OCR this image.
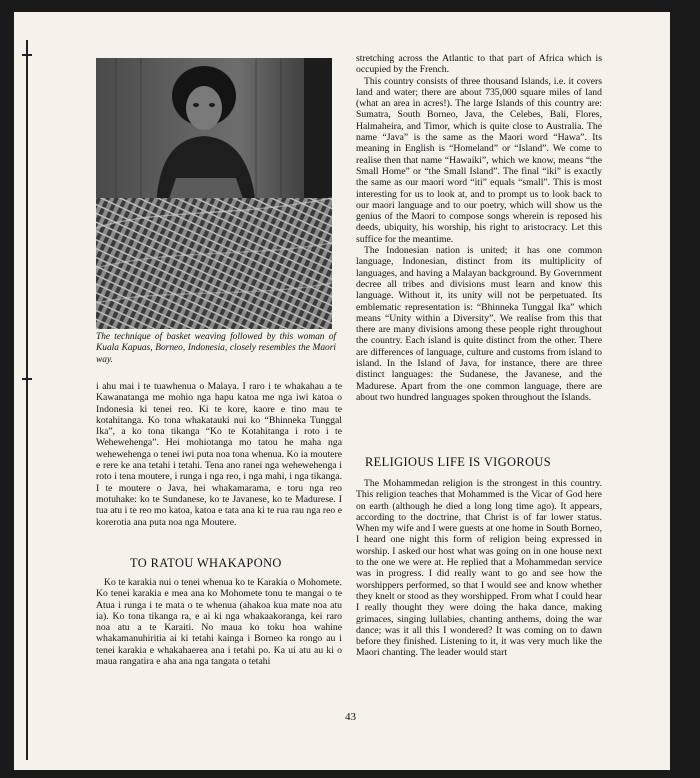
The technique of basket weaving followed by this woman of Kuala Kapuas, Borneo, Indonesia, closely resembles the Maori way.

i ahu mai i te tuawhenua o Malaya. I raro i te whakahau a te Kawanatanga me mohio nga hapu katoa me nga iwi katoa o Indonesia ki tenei reo. Ki te kore, kaore e tino mau te kotahitanga. Ko tona whakatauki nui ko “Bhinneka Tunggal Ika”, a ko tona tikanga “Ko te Kotahitanga i roto i te Wehewehenga”. Hei mohiotanga mo tatou he maha nga wehewehenga o tenei iwi puta noa tona whenua. Ko ia moutere e rere ke ana tetahi i tetahi. Tena ano ranei nga wehewehenga i roto i tena moutere, i runga i nga reo, i nga mahi, i nga tikanga. I te moutere o Java, hei whakamarama, e toru nga reo motuhake: ko te Sundanese, ko te Javanese, ko te Madurese. I tua atu i te reo mo katoa, katoa e tata ana ki te rua rau nga reo e korerotia ana puta noa nga Moutere.

TO RATOU WHAKAPONO

Ko te karakia nui o tenei whenua ko te Karakia o Mohomete. Ko tenei karakia e mea ana ko Mohomete tonu te mangai o te Atua i runga i te mata o te whenua (ahakoa kua mate noa atu ia). Ko tona tikanga ra, e ai ki nga whakaakoranga, kei raro noa atu a te Karaiti. No maua ko toku hoa wahine whakamanuhiritia ai ki tetahi kainga i Borneo ka rongo au i tenei karakia e whakahaerea ana i tetahi po. Ka ui atu au ki o maua rangatira e aha ana nga tangata o tetahi

stretching across the Atlantic to that part of Africa which is occupied by the French.

This country consists of three thousand Islands, i.e. it covers land and water; there are about 735,000 square miles of land (what an area in acres!). The large Islands of this country are: Sumatra, South Borneo, Java, the Celebes, Bali, Flores, Halmaheira, and Timor, which is quite close to Australia. The name “Java” is the same as the Maori word “Hawa”. Its meaning in English is “Homeland” or “Island”. We come to realise then that name “Hawaiki”, which we know, means “the Small Home” or “the Small Island”. The final “iki” is exactly the same as our maori word “iti” equals “small”. This is most interesting for us to look at, and to prompt us to look back to our maori language and to our poetry, which will show us the genius of the Maori to compose songs wherein is reposed his deeds, ubiquity, his worship, his right to aristocracy. Let this suffice for the meantime.

The Indonesian nation is united; it has one common language, Indonesian, distinct from its multiplicity of languages, and having a Malayan background. By Government decree all tribes and divisions must learn and know this language. Without it, its unity will not be perpetuated. Its emblematic representation is: “Bhinneka Tunggal Ika” which means “Unity within a Diversity”. We realise from this that there are many divisions among these people right throughout the country. Each island is quite distinct from the other. There are differences of language, culture and customs from island to island. In the Island of Java, for instance, there are three distinct languages: the Sudanese, the Javanese, and the Madurese. Apart from the one common language, there are about two hundred languages spoken throughout the Islands.

RELIGIOUS LIFE IS VIGOROUS

The Mohammedan religion is the strongest in this country. This religion teaches that Mohammed is the Vicar of God here on earth (although he died a long long time ago). It appears, according to the doctrine, that Christ is of far lower status. When my wife and I were guests at one home in South Borneo, I heard one night this form of religion being expressed in worship. I asked our host what was going on in one house next to the one we were at. He replied that a Mohammedan service was in progress. I did really want to go and see how the worshippers performed, so that I would see and know whether they knelt or stood as they worshipped. From what I could hear I really thought they were doing the haka dance, making grimaces, singing lullabies, chanting anthems, doing the war dance; was it all this I wondered? It was coming on to dawn before they finished. Listening to it, it was very much like the Maori chanting. The leader would start

43
